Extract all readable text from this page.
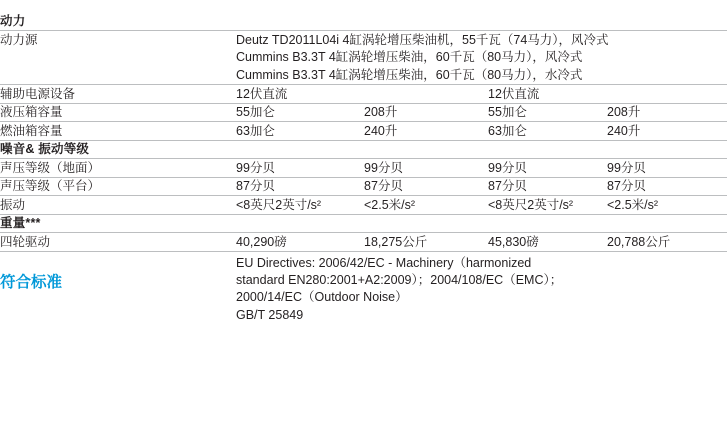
动力				

动力源	Deutz TD2011L04i 4缸涡轮增压柴油机，55千瓦（74马力），风冷式
Cummins B3.3T 4缸涡轮增压柴油，60千瓦（80马力），风冷式
Cummins B3.3T 4缸涡轮增压柴油，60千瓦（80马力），水冷式			

辅助电源设备	12伏直流		12伏直流	

液压箱容量	55加仑	208升	55加仑	208升

燃油箱容量	63加仑	240升	63加仑	240升

噪音& 振动等级				

声压等级（地面）	99分贝	99分贝	99分贝	99分贝

声压等级（平台）	87分贝	87分贝	87分贝	87分贝

振动	<8英尺2英寸/s²	<2.5米/s²	<8英尺2英寸/s²	<2.5米/s²

重量***				

四轮驱动	40,290磅	18,275公斤	45,830磅	20,788公斤

符合标准	EU Directives: 2006/42/EC - Machinery（harmonized
standard EN280:2001+A2:2009）；2004/108/EC（EMC）；
2000/14/EC（Outdoor Noise）
GB/T 25849			
